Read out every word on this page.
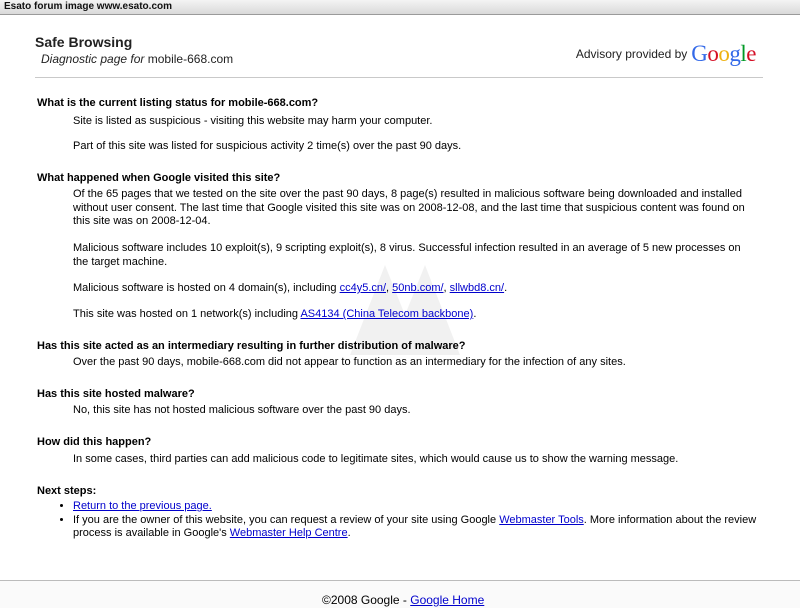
Esato forum image www.esato.com
Safe Browsing
Diagnostic page for mobile-668.com	Advisory provided by Google
What is the current listing status for mobile-668.com?
Site is listed as suspicious - visiting this website may harm your computer.
Part of this site was listed for suspicious activity 2 time(s) over the past 90 days.
What happened when Google visited this site?
Of the 65 pages that we tested on the site over the past 90 days, 8 page(s) resulted in malicious software being downloaded and installed without user consent. The last time that Google visited this site was on 2008-12-08, and the last time that suspicious content was found on this site was on 2008-12-04.
Malicious software includes 10 exploit(s), 9 scripting exploit(s), 8 virus. Successful infection resulted in an average of 5 new processes on the target machine.
Malicious software is hosted on 4 domain(s), including cc4y5.cn/, 50nb.com/, sllwbd8.cn/.
This site was hosted on 1 network(s) including AS4134 (China Telecom backbone).
Has this site acted as an intermediary resulting in further distribution of malware?
Over the past 90 days, mobile-668.com did not appear to function as an intermediary for the infection of any sites.
Has this site hosted malware?
No, this site has not hosted malicious software over the past 90 days.
How did this happen?
In some cases, third parties can add malicious code to legitimate sites, which would cause us to show the warning message.
Next steps:
• Return to the previous page.
• If you are the owner of this website, you can request a review of your site using Google Webmaster Tools. More information about the review process is available in Google's Webmaster Help Centre.
©2008 Google - Google Home
